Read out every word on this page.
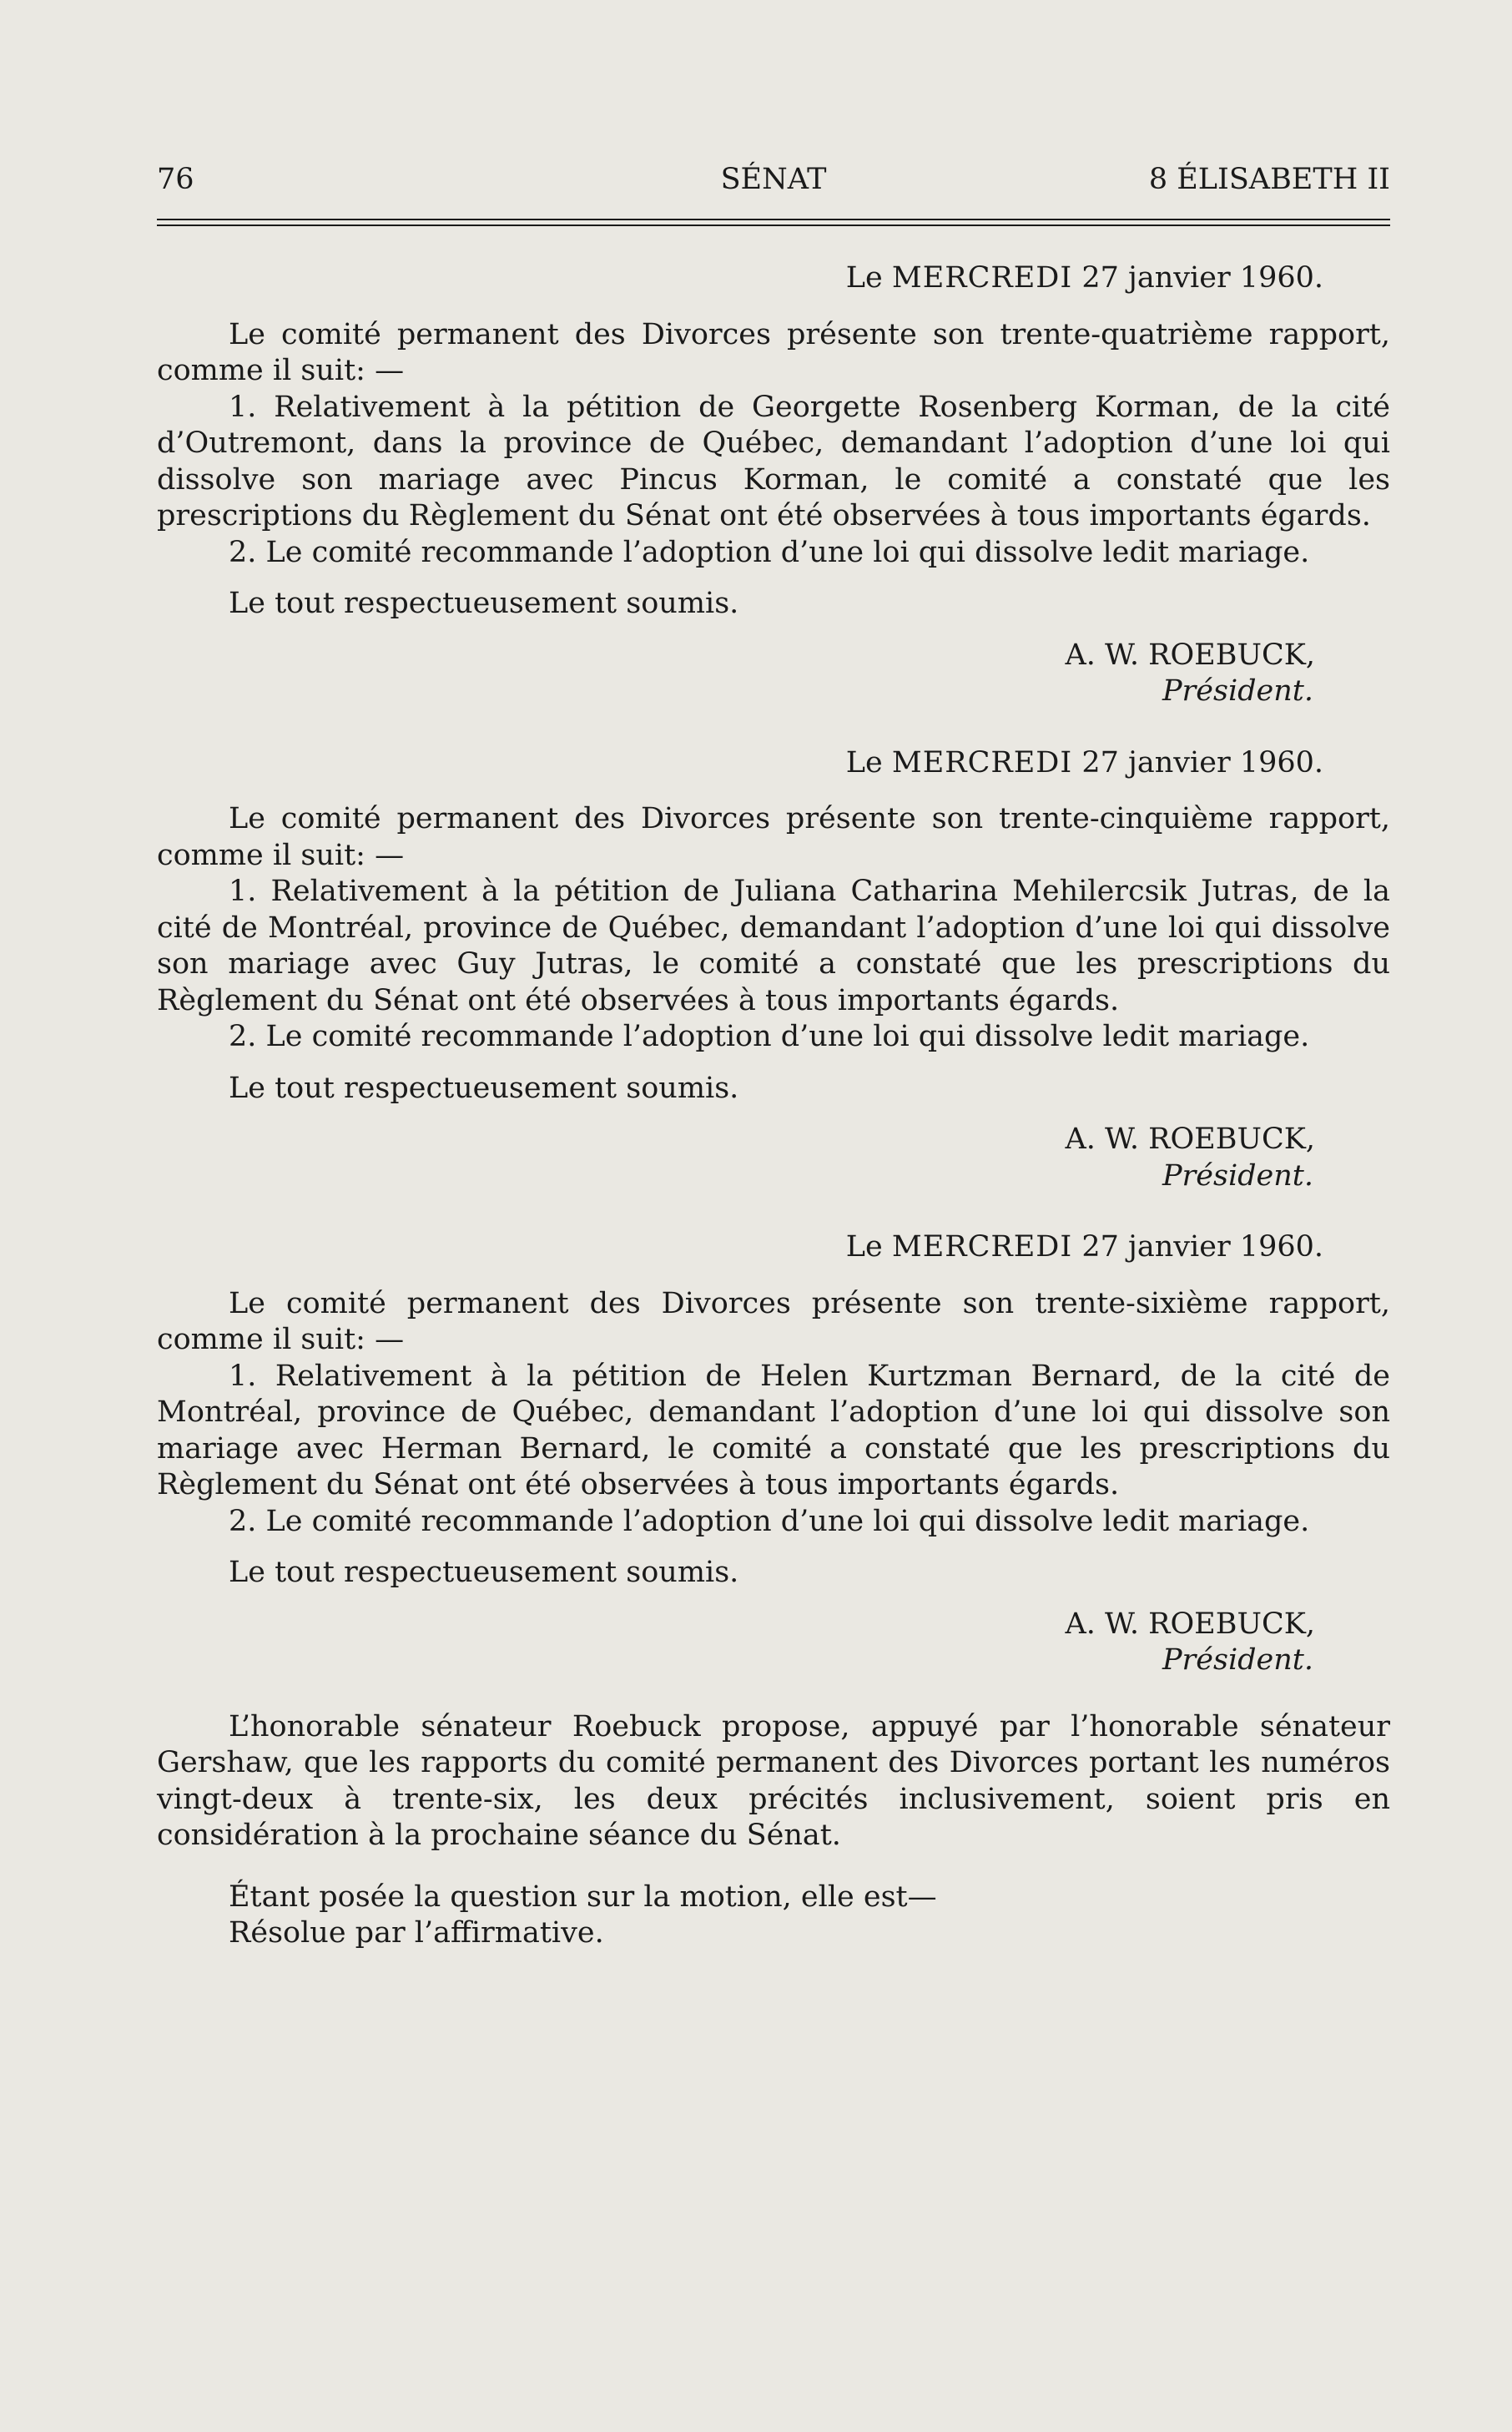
76	SÉNAT	8 ÉLISABETH II

Le MERCREDI 27 janvier 1960.

Le comité permanent des Divorces présente son trente-quatrième rapport, comme il suit: —

1. Relativement à la pétition de Georgette Rosenberg Korman, de la cité d’Outremont, dans la province de Québec, demandant l’adoption d’une loi qui dissolve son mariage avec Pincus Korman, le comité a constaté que les prescriptions du Règlement du Sénat ont été observées à tous importants égards.

2. Le comité recommande l’adoption d’une loi qui dissolve ledit mariage.

Le tout respectueusement soumis.

A. W. ROEBUCK,

Président.

Le MERCREDI 27 janvier 1960.

Le comité permanent des Divorces présente son trente-cinquième rapport, comme il suit: —

1. Relativement à la pétition de Juliana Catharina Mehilercsik Jutras, de la cité de Montréal, province de Québec, demandant l’adoption d’une loi qui dissolve son mariage avec Guy Jutras, le comité a constaté que les prescriptions du Règlement du Sénat ont été observées à tous importants égards.

2. Le comité recommande l’adoption d’une loi qui dissolve ledit mariage.

Le tout respectueusement soumis.

A. W. ROEBUCK,

Président.

Le MERCREDI 27 janvier 1960.

Le comité permanent des Divorces présente son trente-sixième rapport, comme il suit: —

1. Relativement à la pétition de Helen Kurtzman Bernard, de la cité de Montréal, province de Québec, demandant l’adoption d’une loi qui dissolve son mariage avec Herman Bernard, le comité a constaté que les prescriptions du Règlement du Sénat ont été observées à tous importants égards.

2. Le comité recommande l’adoption d’une loi qui dissolve ledit mariage.

Le tout respectueusement soumis.

A. W. ROEBUCK,

Président.

L’honorable sénateur Roebuck propose, appuyé par l’honorable sénateur Gershaw, que les rapports du comité permanent des Divorces portant les numéros vingt-deux à trente-six, les deux précités inclusivement, soient pris en considération à la prochaine séance du Sénat.

Étant posée la question sur la motion, elle est—

Résolue par l’affirmative.
